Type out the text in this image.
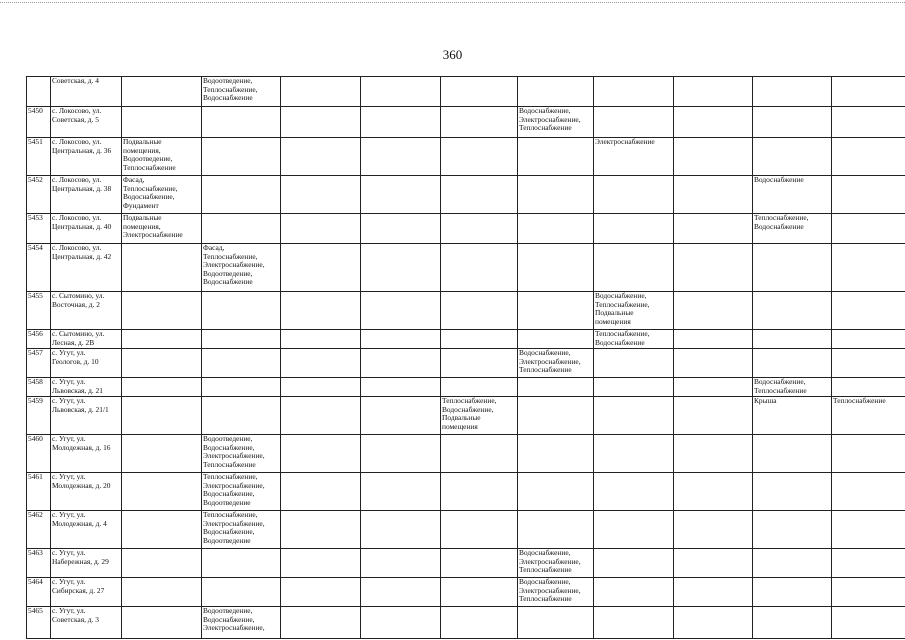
360
	Советская, д. 4		Водоотведение,
Теплоснабжение,
Водоснабжение								
5450	с. Локосово, ул.
Советская, д. 5						Водоснабжение,
Электроснабжение,
Теплоснабжение				
5451	с. Локосово, ул.
Центральная, д. 36	Подвальные
помещения,
Водоотведение,
Теплоснабжение						Электроснабжение			
5452	с. Локосово, ул.
Центральная, д. 38	Фасад,
Теплоснабжение,
Водоснабжение,
Фундамент								Водоснабжение	
5453	с. Локосово, ул.
Центральная, д. 40	Подвальные
помещения,
Электроснабжение								Теплоснабжение,
Водоснабжение	
5454	с. Локосово, ул.
Центральная, д. 42		Фасад,
Теплоснабжение,
Электроснабжение,
Водоотведение,
Водоснабжение								
5455	с. Сытомино, ул.
Восточная, д. 2							Водоснабжение,
Теплоснабжение,
Подвальные
помещения			
5456	с. Сытомино, ул.
Лесная, д. 2В							Теплоснабжение,
Водоснабжение			
5457	с. Угут, ул.
Геологов, д. 10						Водоснабжение,
Электроснабжение,
Теплоснабжение				
5458	с. Угут, ул.
Львовская, д. 21									Водоснабжение,
Теплоснабжение	
5459	с. Угут, ул.
Львовская, д. 21/1					Теплоснабжение,
Водоснабжение,
Подвальные
помещения				Крыша	Теплоснабжение
5460	с. Угут, ул.
Молодежная, д. 16		Водоотведение,
Водоснабжение,
Электроснабжение,
Теплоснабжение								
5461	с. Угут, ул.
Молодежная, д. 20		Теплоснабжение,
Электроснабжение,
Водоснабжение,
Водоотведение								
5462	с. Угут, ул.
Молодежная, д. 4		Теплоснабжение,
Электроснабжение,
Водоснабжение,
Водоотведение								
5463	с. Угут, ул.
Набережная, д. 29						Водоснабжение,
Электроснабжение,
Теплоснабжение				
5464	с. Угут, ул.
Сибирская, д. 27						Водоснабжение,
Электроснабжение,
Теплоснабжение				
5465	с. Угут, ул.
Советская, д. 3		Водоотведение,
Водоснабжение,
Электроснабжение,								
